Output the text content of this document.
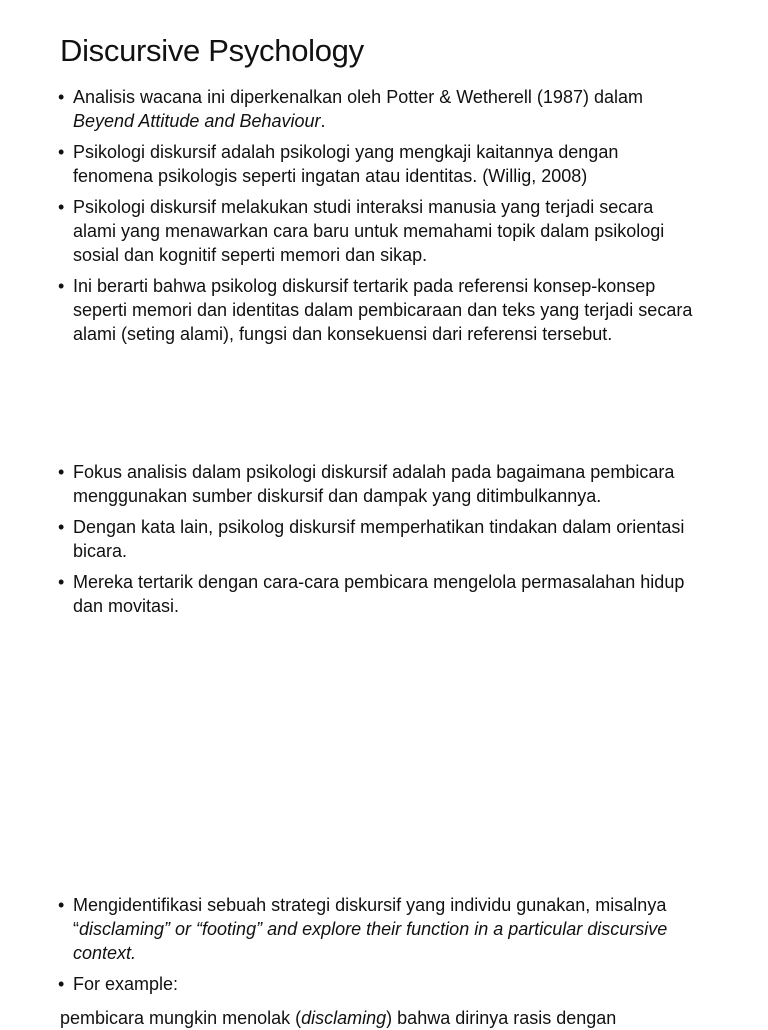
Discursive Psychology
• Analisis wacana ini diperkenalkan oleh Potter & Wetherell (1987) dalam Beyend Attitude and Behaviour.
• Psikologi diskursif adalah psikologi yang mengkaji kaitannya dengan fenomena psikologis seperti ingatan atau identitas. (Willig, 2008)
• Psikologi diskursif melakukan studi interaksi manusia yang terjadi secara alami yang menawarkan cara baru untuk memahami topik dalam psikologi sosial dan kognitif seperti memori dan sikap.
• Ini berarti bahwa psikolog diskursif tertarik pada referensi konsep-konsep seperti memori dan identitas dalam pembicaraan dan teks yang terjadi secara alami (seting alami), fungsi dan konsekuensi dari referensi tersebut.
• Fokus analisis dalam psikologi diskursif adalah pada bagaimana pembicara menggunakan sumber diskursif dan dampak yang ditimbulkannya.
• Dengan kata lain, psikolog diskursif memperhatikan tindakan dalam orientasi bicara.
• Mereka tertarik dengan cara-cara pembicara mengelola permasalahan hidup dan movitasi.
• Mengidentifikasi sebuah strategi diskursif yang individu gunakan, misalnya “disclaming” or “footing” and explore their function in a particular discursive context.
• For example:

pembicara mungkin menolak (disclaming) bahwa dirinya rasis dengan
